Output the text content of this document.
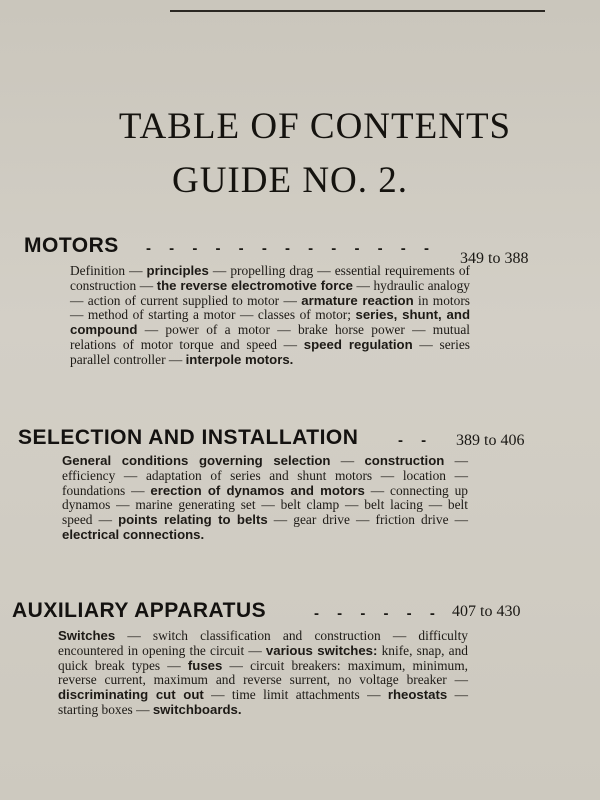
TABLE OF CONTENTS
GUIDE NO. 2.
MOTORS - - - - - - - - - - - - -
349 to 388
Definition — principles — propelling drag — essential requirements of construction — the reverse electromotive force — hydraulic analogy — action of current supplied to motor — armature reaction in motors — method of starting a motor — classes of motor; series, shunt, and compound — power of a motor — brake horse power — mutual relations of motor torque and speed — speed regulation — series parallel controller — interpole motors.
SELECTION AND INSTALLATION	- - 389 to 406
General conditions governing selection — construction — efficiency — adaptation of series and shunt motors — location — foundations — erection of dynamos and motors — connecting up dynamos — marine generating set — belt clamp — belt lacing — belt speed — points relating to belts — gear drive — friction drive — electrical connections.
AUXILIARY APPARATUS	- - - - - - 407 to 430
Switches — switch classification and construction — difficulty encountered in opening the circuit — various switches: knife, snap, and quick break types — fuses — circuit breakers: maximum, minimum, reverse current, maximum and reverse surrent, no voltage breaker — discriminating cut out — time limit attachments — rheostats — starting boxes — switchboards.
